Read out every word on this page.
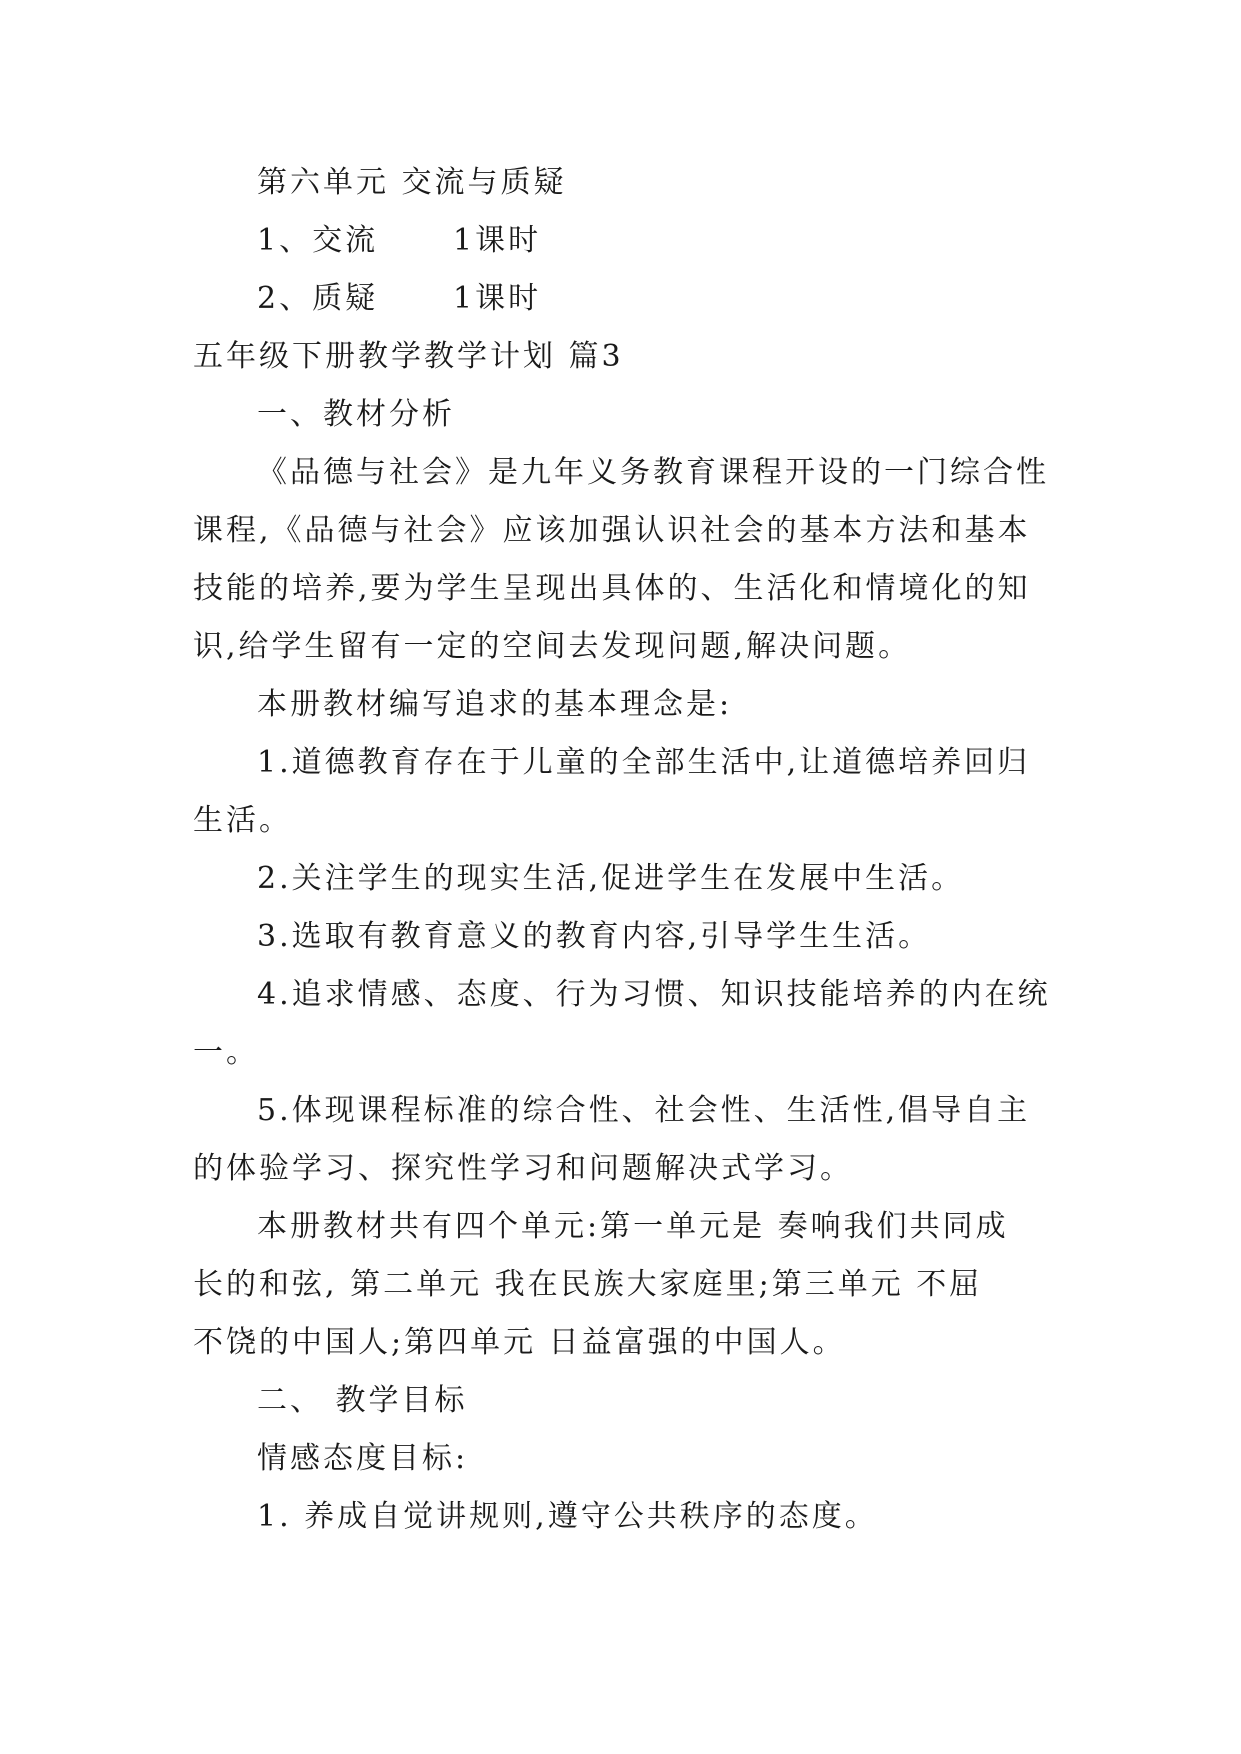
第六单元 交流与质疑
1、交流 1课时
2、质疑 1课时
五年级下册教学教学计划 篇3
一、教材分析
《品德与社会》是九年义务教育课程开设的一门综合性
课程,《品德与社会》应该加强认识社会的基本方法和基本
技能的培养,要为学生呈现出具体的、生活化和情境化的知
识,给学生留有一定的空间去发现问题,解决问题。
本册教材编写追求的基本理念是:
1.道德教育存在于儿童的全部生活中,让道德培养回归
生活。
2.关注学生的现实生活,促进学生在发展中生活。
3.选取有教育意义的教育内容,引导学生生活。
4.追求情感、态度、行为习惯、知识技能培养的内在统
一。
5.体现课程标准的综合性、社会性、生活性,倡导自主
的体验学习、探究性学习和问题解决式学习。
本册教材共有四个单元:第一单元是 奏响我们共同成
长的和弦, 第二单元 我在民族大家庭里;第三单元 不屈
不饶的中国人;第四单元 日益富强的中国人。
二、 教学目标
情感态度目标:
1. 养成自觉讲规则,遵守公共秩序的态度。
